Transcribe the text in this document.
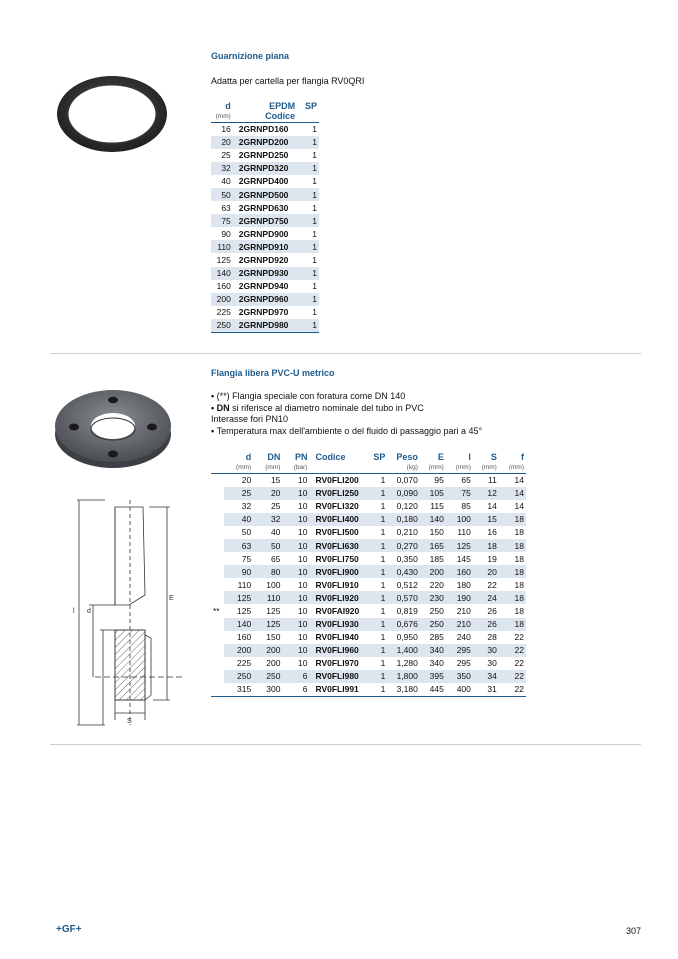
Guarnizione piana
Adatta per cartella per flangia RV0QRI
d	EPDM	SP
(mm)	Codice	
16	2GRNPD160	1
20	2GRNPD200	1
25	2GRNPD250	1
32	2GRNPD320	1
40	2GRNPD400	1
50	2GRNPD500	1
63	2GRNPD630	1
75	2GRNPD750	1
90	2GRNPD900	1
110	2GRNPD910	1
125	2GRNPD920	1
140	2GRNPD930	1
160	2GRNPD940	1
200	2GRNPD960	1
225	2GRNPD970	1
250	2GRNPD980	1
Flangia libera PVC-U metrico
• (**) Flangia speciale con foratura come DN 140
• DN si riferisce al diametro nominale del tubo in PVC
Interasse fori PN10
• Temperatura max dell'ambiente o del fluido di passaggio pari a 45°
l d
E
S
	d	DN	PN	Codice	SP	Peso	E	l	S	f
	(mm)	(mm)	(bar)			(kg)	(mm)	(mm)	(mm)	(mm)
	20	15	10	RV0FLI200	1	0,070	95	65	11	14
	25	20	10	RV0FLI250	1	0,090	105	75	12	14
	32	25	10	RV0FLI320	1	0,120	115	85	14	14
	40	32	10	RV0FLI400	1	0,180	140	100	15	18
	50	40	10	RV0FLI500	1	0,210	150	110	16	18
	63	50	10	RV0FLI630	1	0,270	165	125	18	18
	75	65	10	RV0FLI750	1	0,350	185	145	19	18
	90	80	10	RV0FLI900	1	0,430	200	160	20	18
	110	100	10	RV0FLI910	1	0,512	220	180	22	18
	125	110	10	RV0FLI920	1	0,570	230	190	24	18
**	125	125	10	RV0FAI920	1	0,819	250	210	26	18
	140	125	10	RV0FLI930	1	0,676	250	210	26	18
	160	150	10	RV0FLI940	1	0,950	285	240	28	22
	200	200	10	RV0FLI960	1	1,400	340	295	30	22
	225	200	10	RV0FLI970	1	1,280	340	295	30	22
	250	250	6	RV0FLI980	1	1,800	395	350	34	22
	315	300	6	RV0FLI991	1	3,180	445	400	31	22
+GF+	307
